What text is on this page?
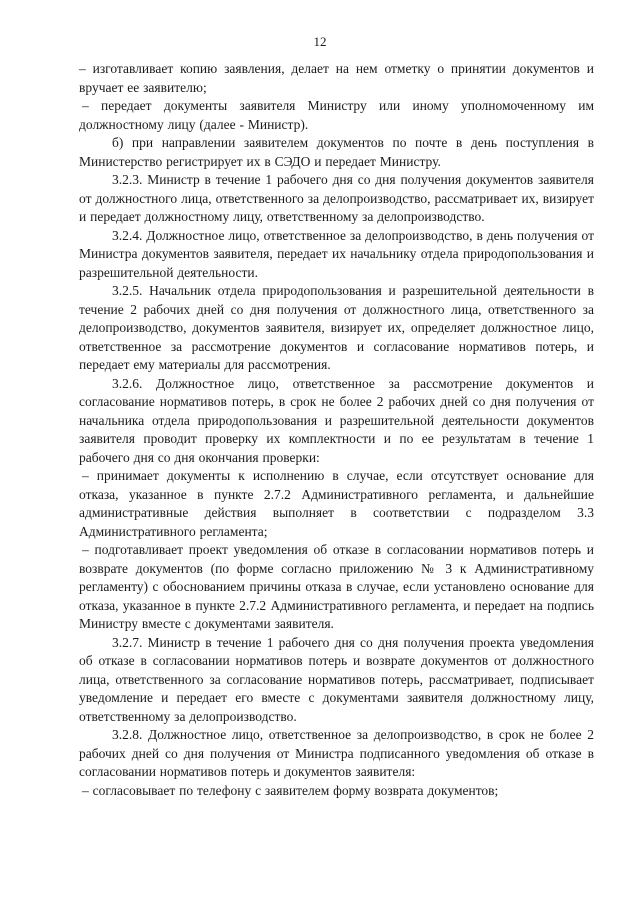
12

– изготавливает копию заявления, делает на нем отметку о принятии документов и вручает ее заявителю;

– передает документы заявителя Министру или иному уполномоченному им должностному лицу (далее - Министр).

б) при направлении заявителем документов по почте в день поступления в Министерство регистрирует их в СЭДО и передает Министру.

3.2.3. Министр в течение 1 рабочего дня со дня получения документов заявителя от должностного лица, ответственного за делопроизводство, рассматривает их, визирует и передает должностному лицу, ответственному за делопроизводство.

3.2.4. Должностное лицо, ответственное за делопроизводство, в день получения от Министра документов заявителя, передает их начальнику отдела природопользования и разрешительной деятельности.

3.2.5. Начальник отдела природопользования и разрешительной деятельности в течение 2 рабочих дней со дня получения от должностного лица, ответственного за делопроизводство, документов заявителя, визирует их, определяет должностное лицо, ответственное за рассмотрение документов и согласование нормативов потерь, и передает ему материалы для рассмотрения.

3.2.6. Должностное лицо, ответственное за рассмотрение документов и согласование нормативов потерь, в срок не более 2 рабочих дней со дня получения от начальника отдела природопользования и разрешительной деятельности документов заявителя проводит проверку их комплектности и по ее результатам в течение 1 рабочего дня со дня окончания проверки:

– принимает документы к исполнению в случае, если отсутствует основание для отказа, указанное в пункте 2.7.2 Административного регламента, и дальнейшие административные действия выполняет в соответствии с подразделом 3.3 Административного регламента;

– подготавливает проект уведомления об отказе в согласовании нормативов потерь и возврате документов (по форме согласно приложению № 3 к Административному регламенту) с обоснованием причины отказа в случае, если установлено основание для отказа, указанное в пункте 2.7.2 Административного регламента, и передает на подпись Министру вместе с документами заявителя.

3.2.7. Министр в течение 1 рабочего дня со дня получения проекта уведомления об отказе в согласовании нормативов потерь и возврате документов от должностного лица, ответственного за согласование нормативов потерь, рассматривает, подписывает уведомление и передает его вместе с документами заявителя должностному лицу, ответственному за делопроизводство.

3.2.8. Должностное лицо, ответственное за делопроизводство, в срок не более 2 рабочих дней со дня получения от Министра подписанного уведомления об отказе в согласовании нормативов потерь и документов заявителя:

– согласовывает по телефону с заявителем форму возврата документов;
